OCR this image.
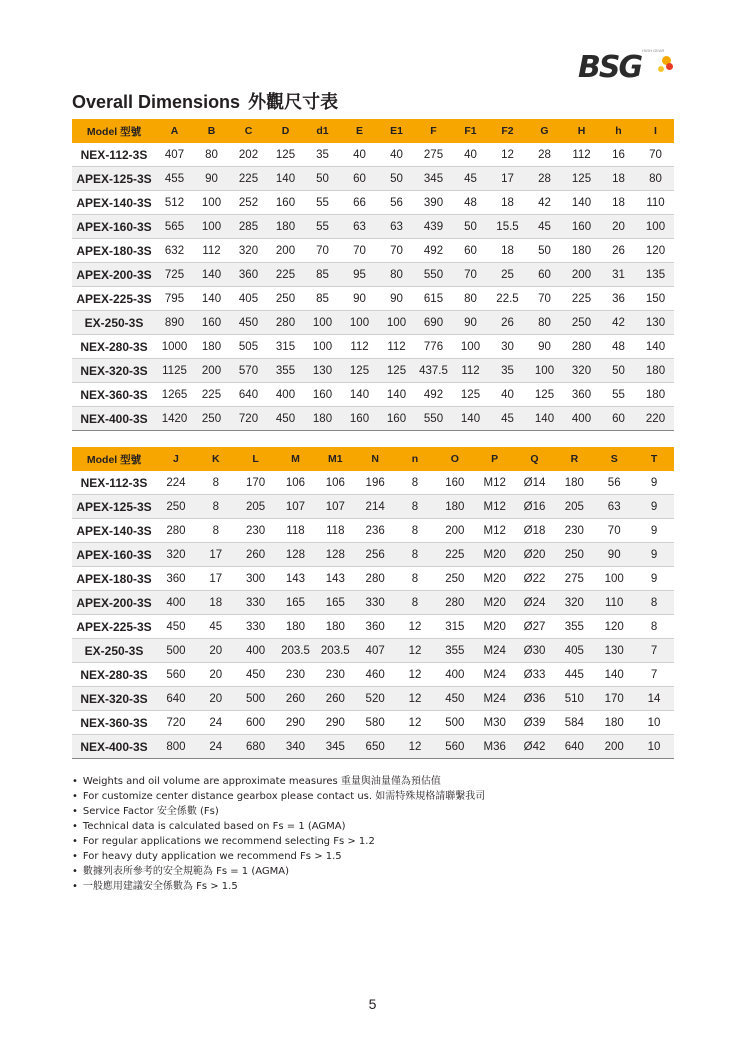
HIGH GEAR
BSG
Overall Dimensions 外觀尺寸表
Model 型號	A	B	C	D	d1	E	E1	F	F1	F2	G	H	h	I
NEX-112-3S	407	80	202	125	35	40	40	275	40	12	28	112	16	70
APEX-125-3S	455	90	225	140	50	60	50	345	45	17	28	125	18	80
APEX-140-3S	512	100	252	160	55	66	56	390	48	18	42	140	18	110
APEX-160-3S	565	100	285	180	55	63	63	439	50	15.5	45	160	20	100
APEX-180-3S	632	112	320	200	70	70	70	492	60	18	50	180	26	120
APEX-200-3S	725	140	360	225	85	95	80	550	70	25	60	200	31	135
APEX-225-3S	795	140	405	250	85	90	90	615	80	22.5	70	225	36	150
EX-250-3S	890	160	450	280	100	100	100	690	90	26	80	250	42	130
NEX-280-3S	1000	180	505	315	100	112	112	776	100	30	90	280	48	140
NEX-320-3S	1125	200	570	355	130	125	125	437.5	112	35	100	320	50	180
NEX-360-3S	1265	225	640	400	160	140	140	492	125	40	125	360	55	180
NEX-400-3S	1420	250	720	450	180	160	160	550	140	45	140	400	60	220
Model 型號	J	K	L	M	M1	N	n	O	P	Q	R	S	T
NEX-112-3S	224	8	170	106	106	196	8	160	M12	Ø14	180	56	9
APEX-125-3S	250	8	205	107	107	214	8	180	M12	Ø16	205	63	9
APEX-140-3S	280	8	230	118	118	236	8	200	M12	Ø18	230	70	9
APEX-160-3S	320	17	260	128	128	256	8	225	M20	Ø20	250	90	9
APEX-180-3S	360	17	300	143	143	280	8	250	M20	Ø22	275	100	9
APEX-200-3S	400	18	330	165	165	330	8	280	M20	Ø24	320	110	8
APEX-225-3S	450	45	330	180	180	360	12	315	M20	Ø27	355	120	8
EX-250-3S	500	20	400	203.5	203.5	407	12	355	M24	Ø30	405	130	7
NEX-280-3S	560	20	450	230	230	460	12	400	M24	Ø33	445	140	7
NEX-320-3S	640	20	500	260	260	520	12	450	M24	Ø36	510	170	14
NEX-360-3S	720	24	600	290	290	580	12	500	M30	Ø39	584	180	10
NEX-400-3S	800	24	680	340	345	650	12	560	M36	Ø42	640	200	10
• Weights and oil volume are approximate measures 重量與油量僅為預估值
• For customize center distance gearbox please contact us. 如需特殊規格請聯繫我司
• Service Factor 安全係數 (Fs)
• Technical data is calculated based on Fs = 1 (AGMA)
• For regular applications we recommend selecting Fs > 1.2
• For heavy duty application we recommend Fs > 1.5
• 數據列表所參考的安全規範為 Fs = 1 (AGMA)
• 一般應用建議安全係數為 Fs > 1.5
5
